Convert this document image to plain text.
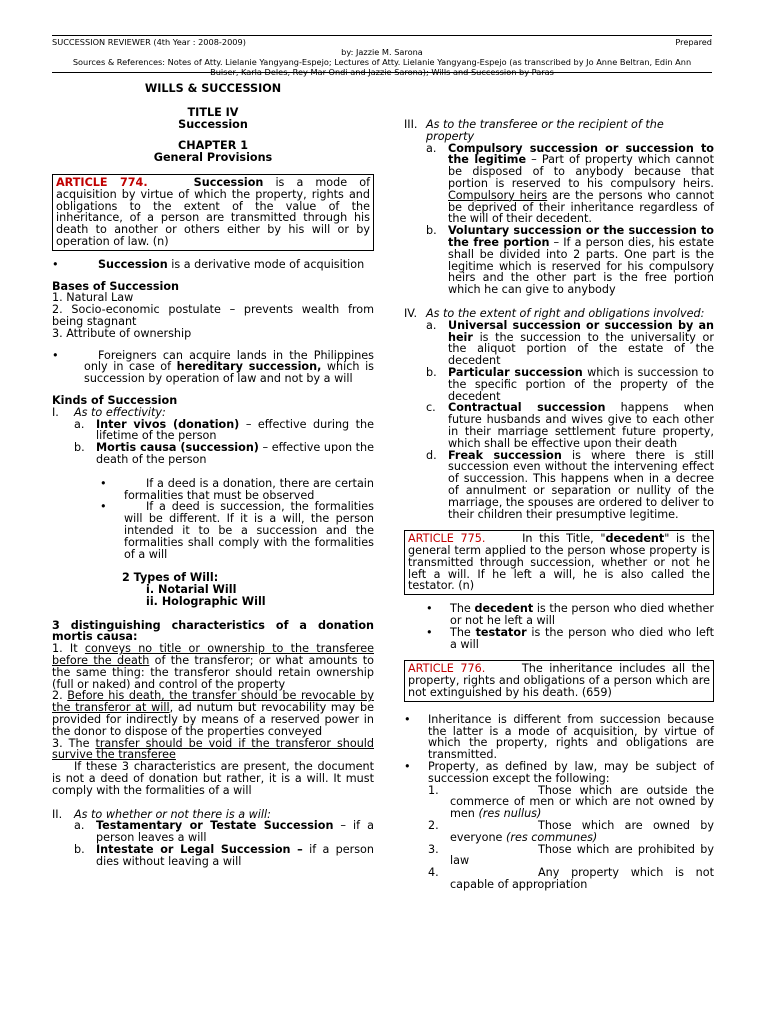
SUCCESSION REVIEWER (4th Year : 2008-2009)	Prepared
by: Jazzie M. Sarona
Sources & References: Notes of Atty. Lielanie Yangyang-Espejo; Lectures of Atty. Lielanie Yangyang-Espejo (as transcribed by Jo Anne Beltran, Edin Ann Buiser, Karla Deles, Rey Mar Ondi and Jazzie Sarona); Wills and Succession by Paras
WILLS & SUCCESSION
TITLE IV
Succession
CHAPTER 1
General Provisions
ARTICLE 774.	Succession is a mode of acquisition by virtue of which the property, rights and obligations to the extent of the value of the inheritance, of a person are transmitted through his death to another or others either by his will or by operation of law. (n)
•	Succession is a derivative mode of acquisition
Bases of Succession
1. Natural Law
2. Socio-economic postulate – prevents wealth from being stagnant
3. Attribute of ownership
•	Foreigners can acquire lands in the Philippines only in case of hereditary succession, which is succession by operation of law and not by a will
Kinds of Succession
I.	As to effectivity:
a.	Inter vivos (donation) – effective during the lifetime of the person
b.	Mortis causa (succession) – effective upon the death of the person
•	If a deed is a donation, there are certain formalities that must be observed
•	If a deed is succession, the formalities will be different. If it is a will, the person intended it to be a succession and the formalities shall comply with the formalities of a will
2 Types of Will:
i. Notarial Will
ii. Holographic Will
3 distinguishing characteristics of a donation mortis causa:
1. It conveys no title or ownership to the transferee before the death of the transferor; or what amounts to the same thing: the transferor should retain ownership (full or naked) and control of the property
2. Before his death, the transfer should be revocable by the transferor at will, ad nutum but revocability may be provided for indirectly by means of a reserved power in the donor to dispose of the properties conveyed
3. The transfer should be void if the transferor should survive the transferee
If these 3 characteristics are present, the document is not a deed of donation but rather, it is a will. It must comply with the formalities of a will
II.	As to whether or not there is a will:
a.	Testamentary or Testate Succession – if a person leaves a will
b.	Intestate or Legal Succession – if a person dies without leaving a will
III. As to the transferee or the recipient of the property
a.	Compulsory succession or succession to the legitime – Part of property which cannot be disposed of to anybody because that portion is reserved to his compulsory heirs. Compulsory heirs are the persons who cannot be deprived of their inheritance regardless of the will of their decedent.
b.	Voluntary succession or the succession to the free portion – If a person dies, his estate shall be divided into 2 parts. One part is the legitime which is reserved for his compulsory heirs and the other part is the free portion which he can give to anybody
IV. As to the extent of right and obligations involved:
a.	Universal succession or succession by an heir is the succession to the universality or the aliquot portion of the estate of the decedent
b.	Particular succession which is succession to the specific portion of the property of the decedent
c.	Contractual succession happens when future husbands and wives give to each other in their marriage settlement future property, which shall be effective upon their death
d.	Freak succession is where there is still succession even without the intervening effect of succession. This happens when in a decree of annulment or separation or nullity of the marriage, the spouses are ordered to deliver to their children their presumptive legitime.
ARTICLE 775.	In this Title, "decedent" is the general term applied to the person whose property is transmitted through succession, whether or not he left a will. If he left a will, he is also called the testator. (n)
•	The decedent is the person who died whether or not he left a will
•	The testator is the person who died who left a will
ARTICLE 776.	The inheritance includes all the property, rights and obligations of a person which are not extinguished by his death. (659)
•	Inheritance is different from succession because the latter is a mode of acquisition, by virtue of which the property, rights and obligations are transmitted.
•	Property, as defined by law, may be subject of succession except the following:
1.	Those which are outside the commerce of men or which are not owned by men (res nullus)
2.	Those which are owned by everyone (res communes)
3.	Those which are prohibited by law
4.	Any property which is not capable of appropriation
